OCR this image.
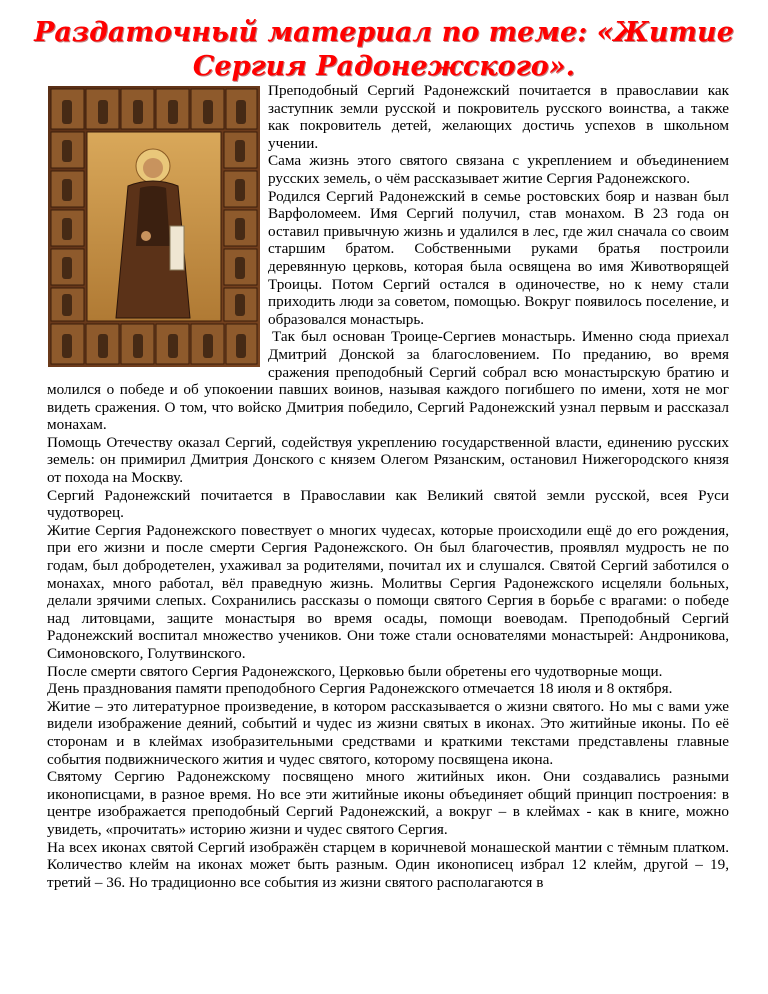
Раздаточный материал по теме: «Житие Сергия Радонежского».

Преподобный Сергий Радонежский почитается в православии как заступник земли русской и покровитель русского воинства, а также как покровитель детей, желающих достичь успехов в школьном учении.

Сама жизнь этого святого связана с укреплением и объединением русских земель, о чём рассказывает житие Сергия Радонежского.

Родился Сергий Радонежский в семье ростовских бояр и назван был Варфоломеем. Имя Сергий получил, став монахом. В 23 года он оставил привычную жизнь и удалился в лес, где жил сначала со своим старшим братом. Собственными руками братья построили деревянную церковь, которая была освящена во имя Животворящей Троицы. Потом Сергий остался в одиночестве, но к нему стали приходить люди за советом, помощью. Вокруг появилось поселение, и образовался монастырь.

Так был основан Троице-Сергиев монастырь. Именно сюда приехал Дмитрий Донской за благословением. По преданию, во время сражения преподобный Сергий собрал всю монастырскую братию и молился о победе и об упокоении павших воинов, называя каждого погибшего по имени, хотя не мог видеть сражения. О том, что войско Дмитрия победило, Сергий Радонежский узнал первым и рассказал монахам.

Помощь Отечеству оказал Сергий, содействуя укреплению государственной власти, единению русских земель: он примирил Дмитрия Донского с князем Олегом Рязанским, остановил Нижегородского князя от похода на Москву.

Сергий Радонежский почитается в Православии как Великий святой земли русской, всея Руси чудотворец.

Житие Сергия Радонежского повествует о многих чудесах, которые происходили ещё до его рождения, при его жизни и после смерти Сергия Радонежского. Он был благочестив, проявлял мудрость не по годам, был добродетелен, ухаживал за родителями, почитал их и слушался. Святой Сергий заботился о монахах, много работал, вёл праведную жизнь. Молитвы Сергия Радонежского исцеляли больных, делали зрячими слепых. Сохранились рассказы о помощи святого Сергия в борьбе с врагами: о победе над литовцами, защите монастыря во время осады, помощи воеводам. Преподобный Сергий Радонежский воспитал множество учеников. Они тоже стали основателями монастырей: Андроникова, Симоновского, Голутвинского.

После смерти святого Сергия Радонежского, Церковью были обретены его чудотворные мощи.

День празднования памяти преподобного Сергия Радонежского отмечается 18 июля и 8 октября.

Житие – это литературное произведение, в котором рассказывается о жизни святого. Но мы с вами уже видели изображение деяний, событий и чудес из жизни святых в иконах. Это житийные иконы. По её сторонам и в клеймах изобразительными средствами и краткими текстами представлены главные события подвижнического жития и чудес святого, которому посвящена икона.

Святому Сергию Радонежскому посвящено много житийных икон. Они создавались разными иконописцами, в разное время. Но все эти житийные иконы объединяет общий принцип построения: в центре изображается преподобный Сергий Радонежский, а вокруг – в клеймах - как в книге, можно увидеть, «прочитать» историю жизни и чудес святого Сергия.

На всех иконах святой Сергий изображён старцем в коричневой монашеской мантии с тёмным платком. Количество клейм на иконах может быть разным. Один иконописец избрал 12 клейм, другой – 19, третий – 36. Но традиционно все события из жизни святого располагаются в
